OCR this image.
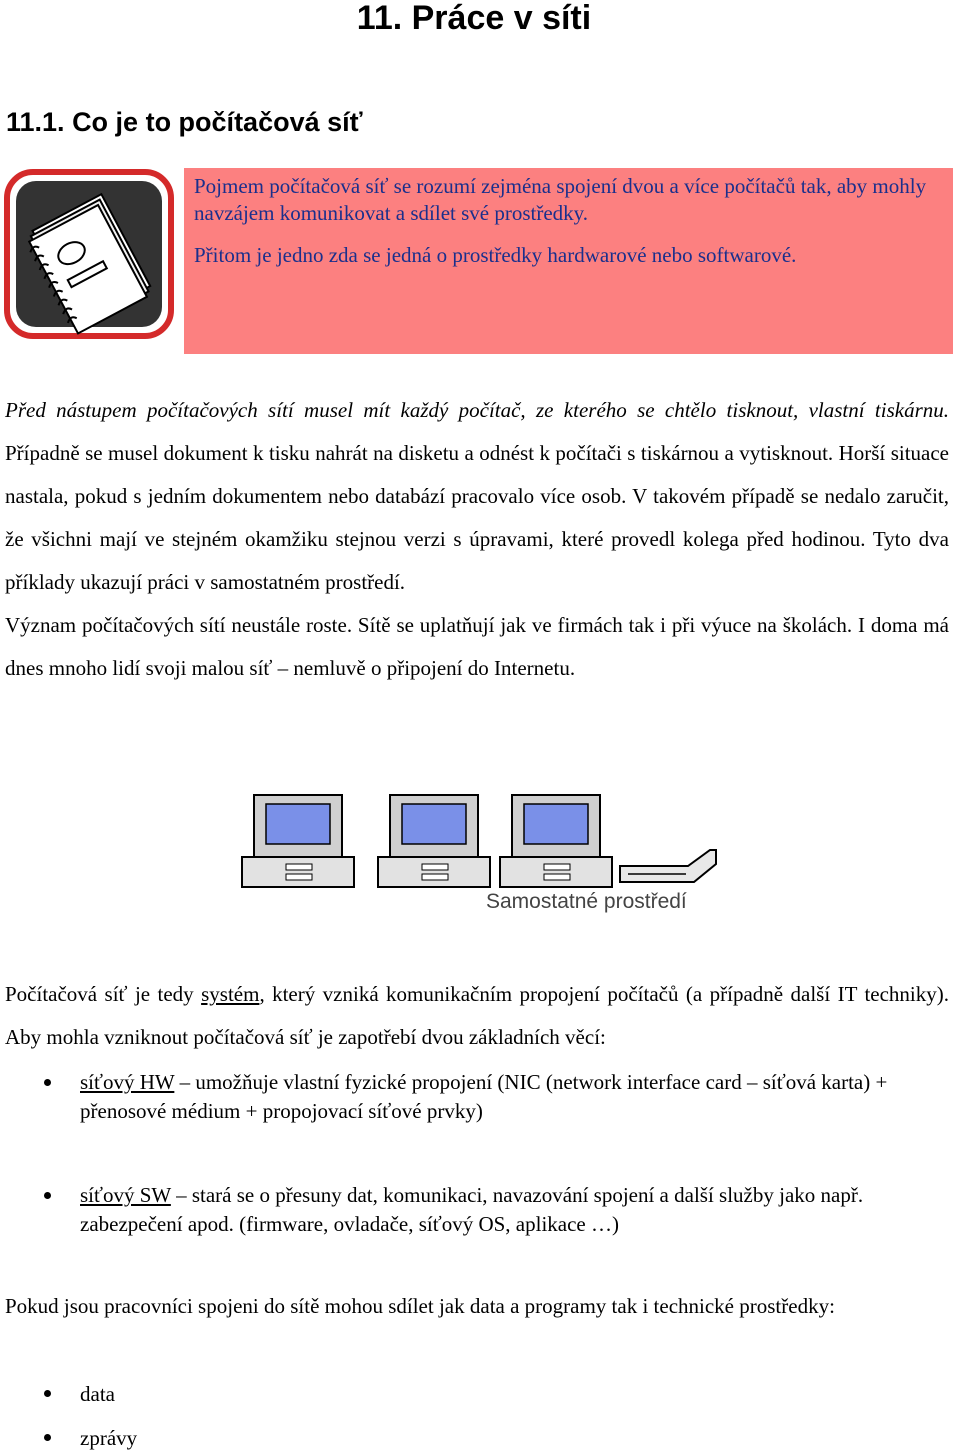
11. Práce v síti
11.1. Co je to počítačová síť

Pojmem počítačová síť se rozumí zejména spojení dvou a více počítačů tak, aby mohly navzájem komunikovat a sdílet své prostředky.

Přitom je jedno zda se jedná o prostředky hardwarové nebo softwarové.

Před nástupem počítačových sítí musel mít každý počítač, ze kterého se chtělo tisknout, vlastní tiskárnu. Případně se musel dokument k tisku nahrát na disketu a odnést k počítači s tiskárnou a vytisknout. Horší situace nastala, pokud s jedním dokumentem nebo databází pracovalo více osob. V takovém případě se nedalo zaručit, že všichni mají ve stejném okamžiku stejnou verzi s úpravami, které provedl kolega před hodinou. Tyto dva příklady ukazují práci v samostatném prostředí.

Význam počítačových sítí neustále roste. Sítě se uplatňují jak ve firmách tak i při výuce na školách. I doma má dnes mnoho lidí svoji malou síť – nemluvě o připojení do Internetu.

Samostatné prostředí

Počítačová síť je tedy systém, který vzniká komunikačním propojení počítačů (a případně další IT techniky). Aby mohla vzniknout počítačová síť je zapotřebí dvou základních věcí:

síťový HW – umožňuje vlastní fyzické propojení (NIC (network interface card – síťová karta) + přenosové médium + propojovací síťové prvky)
síťový SW – stará se o přesuny dat, komunikaci, navazování spojení a další služby jako např. zabezpečení apod. (firmware, ovladače, síťový OS, aplikace …)

Pokud jsou pracovníci spojeni do sítě mohou sdílet jak data a programy tak i technické prostředky:

data
zprávy
